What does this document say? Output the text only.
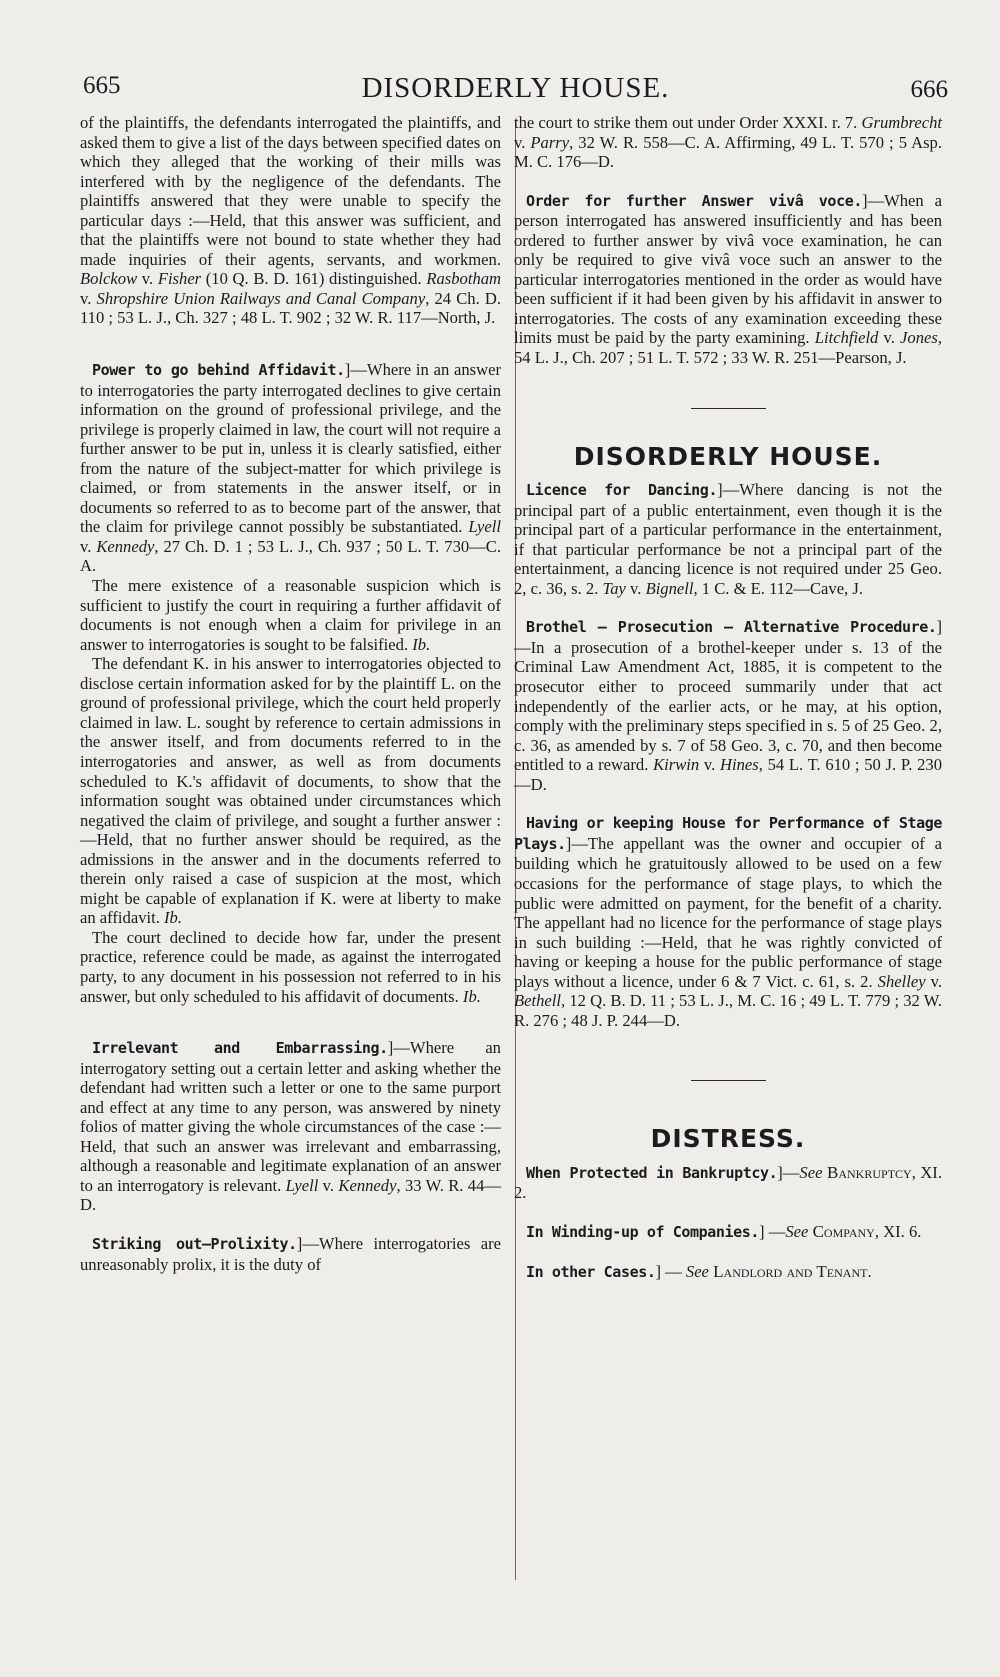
665	DISORDERLY HOUSE.	666

of the plaintiffs, the defendants interrogated the plaintiffs, and asked them to give a list of the days between specified dates on which they alleged that the working of their mills was interfered with by the negligence of the defendants. The plaintiffs answered that they were unable to specify the particular days :—Held, that this answer was sufficient, and that the plaintiffs were not bound to state whether they had made inquiries of their agents, servants, and workmen. Bolckow v. Fisher (10 Q. B. D. 161) distinguished. Rasbotham v. Shropshire Union Railways and Canal Company, 24 Ch. D. 110 ; 53 L. J., Ch. 327 ; 48 L. T. 902 ; 32 W. R. 117—North, J.

Power to go behind Affidavit.]—Where in an answer to interrogatories the party interrogated declines to give certain information on the ground of professional privilege, and the privilege is properly claimed in law, the court will not require a further answer to be put in, unless it is clearly satisfied, either from the nature of the subject-matter for which privilege is claimed, or from statements in the answer itself, or in documents so referred to as to become part of the answer, that the claim for privilege cannot possibly be substantiated. Lyell v. Kennedy, 27 Ch. D. 1 ; 53 L. J., Ch. 937 ; 50 L. T. 730—C. A.

The mere existence of a reasonable suspicion which is sufficient to justify the court in requiring a further affidavit of documents is not enough when a claim for privilege in an answer to interrogatories is sought to be falsified. Ib.

The defendant K. in his answer to interrogatories objected to disclose certain information asked for by the plaintiff L. on the ground of professional privilege, which the court held properly claimed in law. L. sought by reference to certain admissions in the answer itself, and from documents referred to in the interrogatories and answer, as well as from documents scheduled to K.'s affidavit of documents, to show that the information sought was obtained under circumstances which negatived the claim of privilege, and sought a further answer :—Held, that no further answer should be required, as the admissions in the answer and in the documents referred to therein only raised a case of suspicion at the most, which might be capable of explanation if K. were at liberty to make an affidavit. Ib.

The court declined to decide how far, under the present practice, reference could be made, as against the interrogated party, to any document in his possession not referred to in his answer, but only scheduled to his affidavit of documents. Ib.

Irrelevant and Embarrassing.]—Where an interrogatory setting out a certain letter and asking whether the defendant had written such a letter or one to the same purport and effect at any time to any person, was answered by ninety folios of matter giving the whole circumstances of the case :—Held, that such an answer was irrelevant and embarrassing, although a reasonable and legitimate explanation of an answer to an interrogatory is relevant. Lyell v. Kennedy, 33 W. R. 44—D.

Striking out—Prolixity.]—Where interrogatories are unreasonably prolix, it is the duty of

the court to strike them out under Order XXXI. r. 7. Grumbrecht v. Parry, 32 W. R. 558—C. A. Affirming, 49 L. T. 570 ; 5 Asp. M. C. 176—D.

Order for further Answer vivâ voce.]—When a person interrogated has answered insufficiently and has been ordered to further answer by vivâ voce examination, he can only be required to give vivâ voce such an answer to the particular interrogatories mentioned in the order as would have been sufficient if it had been given by his affidavit in answer to interrogatories. The costs of any examination exceeding these limits must be paid by the party examining. Litchfield v. Jones, 54 L. J., Ch. 207 ; 51 L. T. 572 ; 33 W. R. 251—Pearson, J.

DISORDERLY HOUSE.

Licence for Dancing.]—Where dancing is not the principal part of a public entertainment, even though it is the principal part of a particular performance in the entertainment, if that particular performance be not a principal part of the entertainment, a dancing licence is not required under 25 Geo. 2, c. 36, s. 2. Tay v. Bignell, 1 C. & E. 112—Cave, J.

Brothel — Prosecution — Alternative Procedure.]—In a prosecution of a brothel-keeper under s. 13 of the Criminal Law Amendment Act, 1885, it is competent to the prosecutor either to proceed summarily under that act independently of the earlier acts, or he may, at his option, comply with the preliminary steps specified in s. 5 of 25 Geo. 2, c. 36, as amended by s. 7 of 58 Geo. 3, c. 70, and then become entitled to a reward. Kirwin v. Hines, 54 L. T. 610 ; 50 J. P. 230—D.

Having or keeping House for Performance of Stage Plays.]—The appellant was the owner and occupier of a building which he gratuitously allowed to be used on a few occasions for the performance of stage plays, to which the public were admitted on payment, for the benefit of a charity. The appellant had no licence for the performance of stage plays in such building :—Held, that he was rightly convicted of having or keeping a house for the public performance of stage plays without a licence, under 6 & 7 Vict. c. 61, s. 2. Shelley v. Bethell, 12 Q. B. D. 11 ; 53 L. J., M. C. 16 ; 49 L. T. 779 ; 32 W. R. 276 ; 48 J. P. 244—D.

DISTRESS.

When Protected in Bankruptcy.]—See Bankruptcy, XI. 2.

In Winding-up of Companies.] —See Company, XI. 6.

In other Cases.] — See Landlord and Tenant.
